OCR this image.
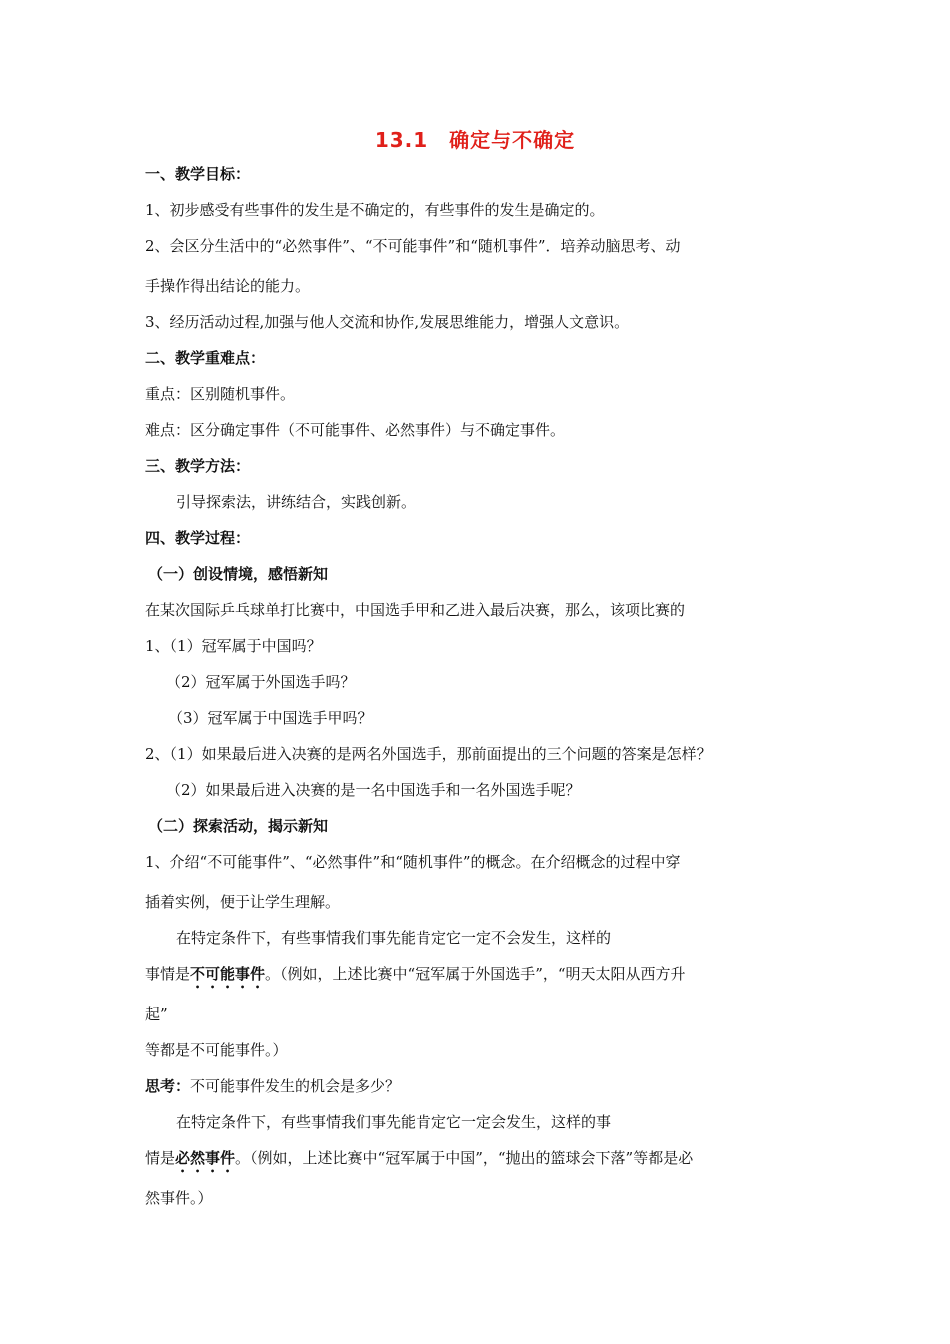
13.1　确定与不确定
一、教学目标：
1、初步感受有些事件的发生是不确定的，有些事件的发生是确定的。
2、会区分生活中的“必然事件”、“不可能事件”和“随机事件”．培养动脑思考、动
手操作得出结论的能力。
3、经历活动过程,加强与他人交流和协作,发展思维能力，增强人文意识。
二、教学重难点：
重点：区别随机事件。
难点：区分确定事件（不可能事件、必然事件）与不确定事件。
三、教学方法：
引导探索法，讲练结合，实践创新。
四、教学过程：
（一）创设情境，感悟新知
在某次国际乒乓球单打比赛中，中国选手甲和乙进入最后决赛，那么，该项比赛的
1、（1）冠军属于中国吗？
（2）冠军属于外国选手吗？
（3）冠军属于中国选手甲吗？
2、（1）如果最后进入决赛的是两名外国选手，那前面提出的三个问题的答案是怎样？
（2）如果最后进入决赛的是一名中国选手和一名外国选手呢？
（二）探索活动，揭示新知
1、介绍“不可能事件”、“必然事件”和“随机事件”的概念。在介绍概念的过程中穿
插着实例，便于让学生理解。
在特定条件下，有些事情我们事先能肯定它一定不会发生，这样的
事情是不可能事件。（例如，上述比赛中“冠军属于外国选手”，“明天太阳从西方升
起”
等都是不可能事件。）
思考：不可能事件发生的机会是多少？
在特定条件下，有些事情我们事先能肯定它一定会发生，这样的事
情是必然事件。（例如，上述比赛中“冠军属于中国”，“抛出的篮球会下落”等都是必
然事件。）
